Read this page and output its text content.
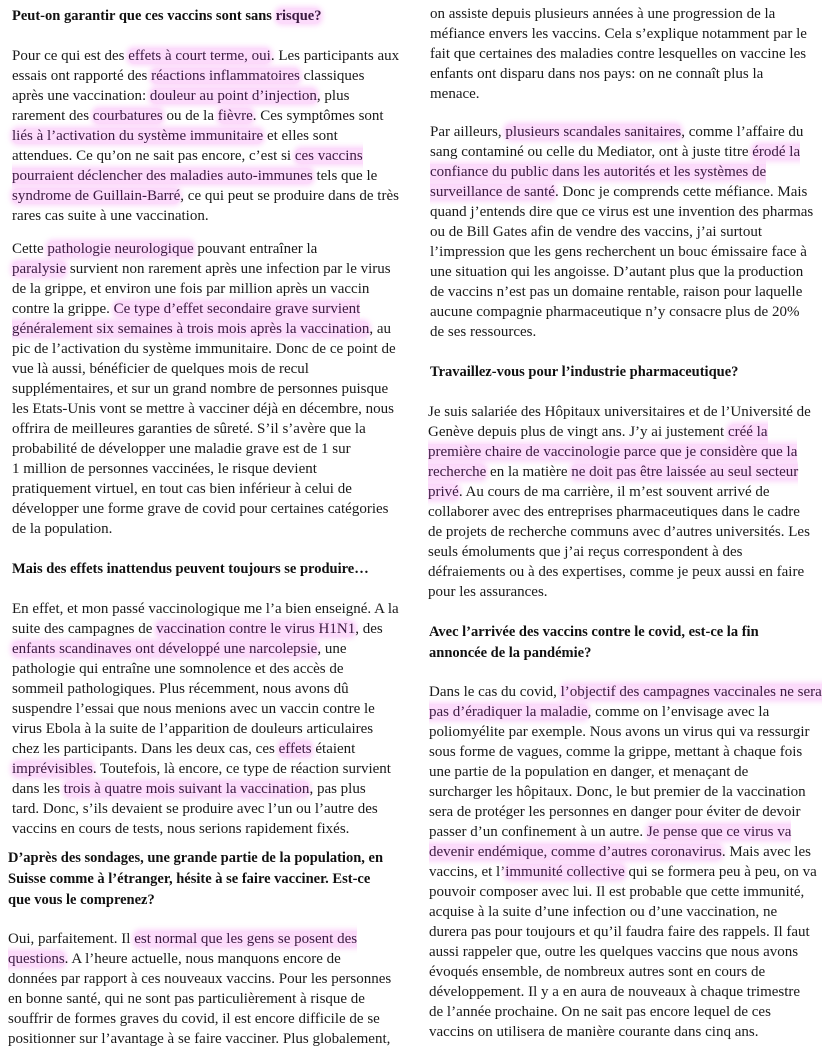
Peut-on garantir que ces vaccins sont sans risque?
Pour ce qui est des effets à court terme, oui. Les participants aux
essais ont rapporté des réactions inflammatoires classiques
après une vaccination: douleur au point d’injection, plus
rarement des courbatures ou de la fièvre. Ces symptômes sont
liés à l’activation du système immunitaire et elles sont
attendues. Ce qu’on ne sait pas encore, c’est si ces vaccins
pourraient déclencher des maladies auto-immunes tels que le
syndrome de Guillain-Barré, ce qui peut se produire dans de très
rares cas suite à une vaccination.
Cette pathologie neurologique pouvant entraîner la
paralysie survient non rarement après une infection par le virus
de la grippe, et environ une fois par million après un vaccin
contre la grippe. Ce type d’effet secondaire grave survient
généralement six semaines à trois mois après la vaccination, au
pic de l’activation du système immunitaire. Donc de ce point de
vue là aussi, bénéficier de quelques mois de recul
supplémentaires, et sur un grand nombre de personnes puisque
les Etats-Unis vont se mettre à vacciner déjà en décembre, nous
offrira de meilleures garanties de sûreté. S’il s’avère que la
probabilité de développer une maladie grave est de 1 sur
1 million de personnes vaccinées, le risque devient
pratiquement virtuel, en tout cas bien inférieur à celui de
développer une forme grave de covid pour certaines catégories
de la population.
Mais des effets inattendus peuvent toujours se produire…
En effet, et mon passé vaccinologique me l’a bien enseigné. A la
suite des campagnes de vaccination contre le virus H1N1, des
enfants scandinaves ont développé une narcolepsie, une
pathologie qui entraîne une somnolence et des accès de
sommeil pathologiques. Plus récemment, nous avons dû
suspendre l’essai que nous menions avec un vaccin contre le
virus Ebola à la suite de l’apparition de douleurs articulaires
chez les participants. Dans les deux cas, ces effets étaient
imprévisibles. Toutefois, là encore, ce type de réaction survient
dans les trois à quatre mois suivant la vaccination, pas plus
tard. Donc, s’ils devaient se produire avec l’un ou l’autre des
vaccins en cours de tests, nous serions rapidement fixés.
D’après des sondages, une grande partie de la population, en
Suisse comme à l’étranger, hésite à se faire vacciner. Est-ce
que vous le comprenez?
Oui, parfaitement. Il est normal que les gens se posent des
questions. A l’heure actuelle, nous manquons encore de
données par rapport à ces nouveaux vaccins. Pour les personnes
en bonne santé, qui ne sont pas particulièrement à risque de
souffrir de formes graves du covid, il est encore difficile de se
positionner sur l’avantage à se faire vacciner. Plus globalement,
on assiste depuis plusieurs années à une progression de la
méfiance envers les vaccins. Cela s’explique notamment par le
fait que certaines des maladies contre lesquelles on vaccine les
enfants ont disparu dans nos pays: on ne connaît plus la
menace.
Par ailleurs, plusieurs scandales sanitaires, comme l’affaire du
sang contaminé ou celle du Mediator, ont à juste titre érodé la
confiance du public dans les autorités et les systèmes de
surveillance de santé. Donc je comprends cette méfiance. Mais
quand j’entends dire que ce virus est une invention des pharmas
ou de Bill Gates afin de vendre des vaccins, j’ai surtout
l’impression que les gens recherchent un bouc émissaire face à
une situation qui les angoisse. D’autant plus que la production
de vaccins n’est pas un domaine rentable, raison pour laquelle
aucune compagnie pharmaceutique n’y consacre plus de 20%
de ses ressources.
Travaillez-vous pour l’industrie pharmaceutique?
Je suis salariée des Hôpitaux universitaires et de l’Université de
Genève depuis plus de vingt ans. J’y ai justement créé la
première chaire de vaccinologie parce que je considère que la
recherche en la matière ne doit pas être laissée au seul secteur
privé. Au cours de ma carrière, il m’est souvent arrivé de
collaborer avec des entreprises pharmaceutiques dans le cadre
de projets de recherche communs avec d’autres universités. Les
seuls émoluments que j’ai reçus correspondent à des
défraiements ou à des expertises, comme je peux aussi en faire
pour les assurances.
Avec l’arrivée des vaccins contre le covid, est-ce la fin
annoncée de la pandémie?
Dans le cas du covid, l’objectif des campagnes vaccinales ne sera
pas d’éradiquer la maladie, comme on l’envisage avec la
poliomyélite par exemple. Nous avons un virus qui va ressurgir
sous forme de vagues, comme la grippe, mettant à chaque fois
une partie de la population en danger, et menaçant de
surcharger les hôpitaux. Donc, le but premier de la vaccination
sera de protéger les personnes en danger pour éviter de devoir
passer d’un confinement à un autre. Je pense que ce virus va
devenir endémique, comme d’autres coronavirus. Mais avec les
vaccins, et l’immunité collective qui se formera peu à peu, on va
pouvoir composer avec lui. Il est probable que cette immunité,
acquise à la suite d’une infection ou d’une vaccination, ne
durera pas pour toujours et qu’il faudra faire des rappels. Il faut
aussi rappeler que, outre les quelques vaccins que nous avons
évoqués ensemble, de nombreux autres sont en cours de
développement. Il y a en aura de nouveaux à chaque trimestre
de l’année prochaine. On ne sait pas encore lequel de ces
vaccins on utilisera de manière courante dans cinq ans.
